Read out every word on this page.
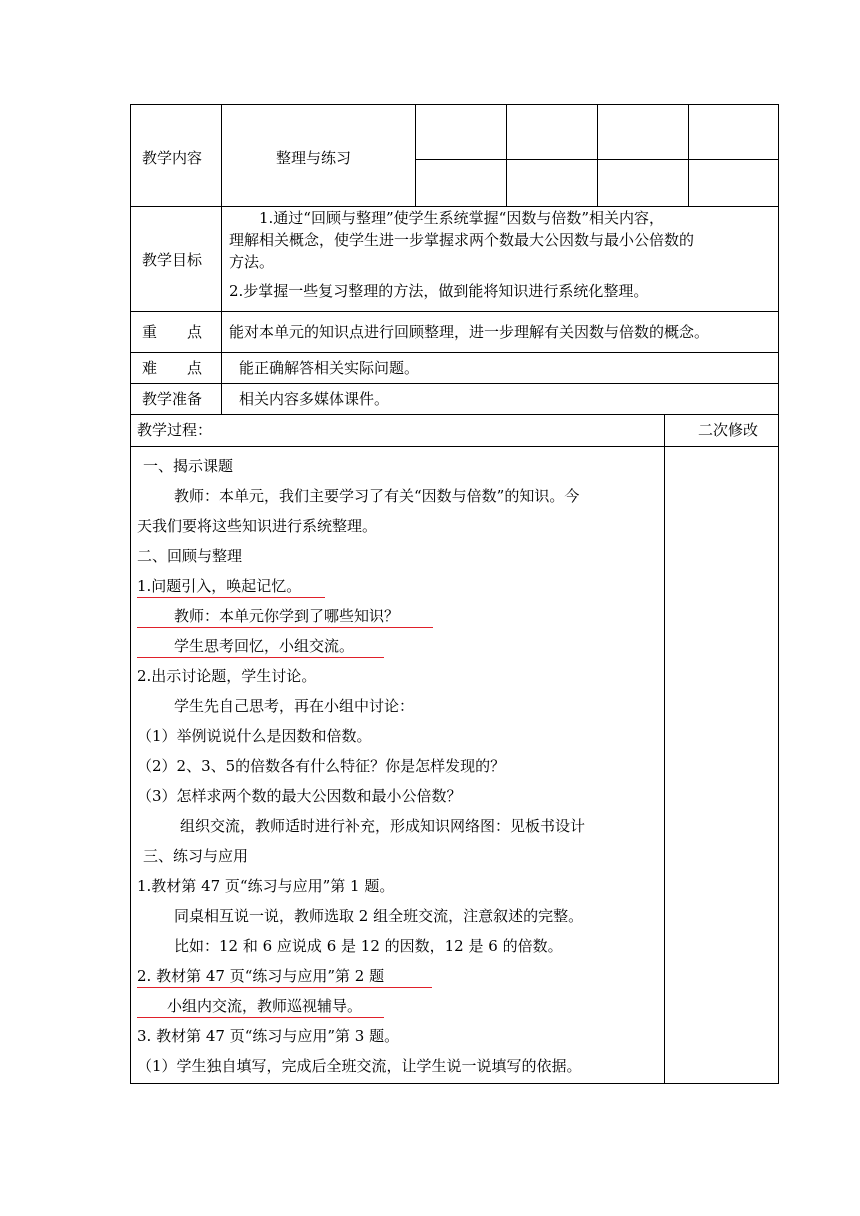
教学内容	整理与练习
教学目标
1.通过“回顾与整理”使学生系统掌握“因数与倍数”相关内容，
理解相关概念，使学生进一步掌握求两个数最大公因数与最小公倍数的
方法。
2.步掌握一些复习整理的方法，做到能将知识进行系统化整理。
重　　点 能对本单元的知识点进行回顾整理，进一步理解有关因数与倍数的概念。
难　　点 能正确解答相关实际问题。
教学准备 相关内容多媒体课件。
教学过程：	二次修改
一、揭示课题
教师：本单元，我们主要学习了有关“因数与倍数”的知识。今
天我们要将这些知识进行系统整理。
二、回顾与整理
1.问题引入，唤起记忆。
教师：本单元你学到了哪些知识？
学生思考回忆，小组交流。
2.出示讨论题，学生讨论。
学生先自己思考，再在小组中讨论：
（1）举例说说什么是因数和倍数。
（2）2、3、5的倍数各有什么特征？你是怎样发现的？
（3）怎样求两个数的最大公因数和最小公倍数？
组织交流，教师适时进行补充，形成知识网络图：见板书设计
三、练习与应用
1.教材第 47 页“练习与应用”第 1 题。
同桌相互说一说，教师选取 2 组全班交流，注意叙述的完整。
比如：12 和 6 应说成 6 是 12 的因数，12 是 6 的倍数。
2. 教材第 47 页“练习与应用”第 2 题
小组内交流，教师巡视辅导。
3. 教材第 47 页“练习与应用”第 3 题。
（1）学生独自填写，完成后全班交流，让学生说一说填写的依据。
